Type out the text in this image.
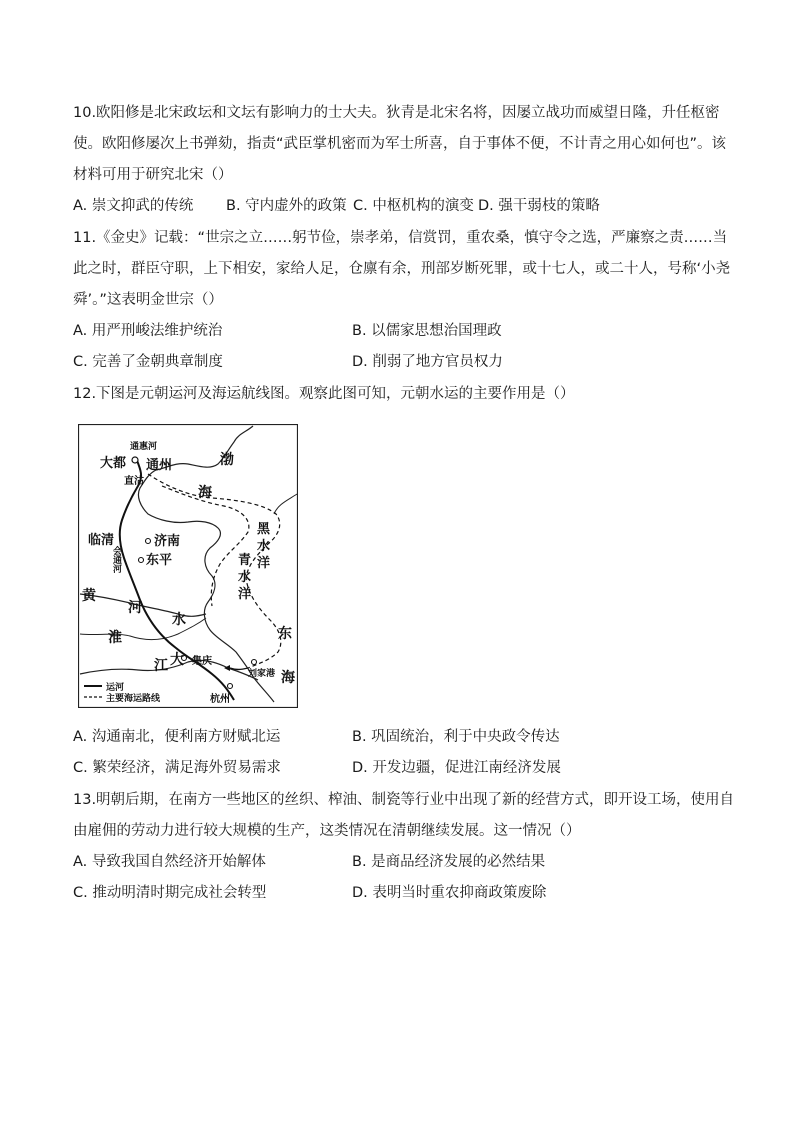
10.欧阳修是北宋政坛和文坛有影响力的士大夫。狄青是北宋名将，因屡立战功而威望日隆，升任枢密
使。欧阳修屡次上书弹劾，指责“武臣掌机密而为军士所喜，自于事体不便，不计青之用心如何也”。该
材料可用于研究北宋（）
A. 崇文抑武的传统 B. 守内虚外的政策 C. 中枢机构的演变 D. 强干弱枝的策略
11.《金史》记载：“世宗之立……躬节俭，崇孝弟，信赏罚，重农桑，慎守令之选，严廉察之责……当
此之时，群臣守职，上下相安，家给人足，仓廪有余，刑部岁断死罪，或十七人，或二十人，号称‘小尧
舜’。”这表明金世宗（）
A. 用严刑峻法维护统治	B. 以儒家思想治国理政
C. 完善了金朝典章制度	D. 削弱了地方官员权力
12.下图是元朝运河及海运航线图。观察此图可知，元朝水运的主要作用是（）
通惠河
大都 通州
直沽
临清	济南
东平
会通河
集庆
刘家港
杭州
渤
海
青
水
洋
黑
水
洋
东
海
黄
河
水
淮
江 大
运河
主要海运路线
A. 沟通南北，便利南方财赋北运	B. 巩固统治，利于中央政令传达
C. 繁荣经济，满足海外贸易需求	D. 开发边疆，促进江南经济发展
13.明朝后期，在南方一些地区的丝织、榨油、制瓷等行业中出现了新的经营方式，即开设工场，使用自
由雇佣的劳动力进行较大规模的生产，这类情况在清朝继续发展。这一情况（）
A. 导致我国自然经济开始解体	B. 是商品经济发展的必然结果
C. 推动明清时期完成社会转型	D. 表明当时重农抑商政策废除
